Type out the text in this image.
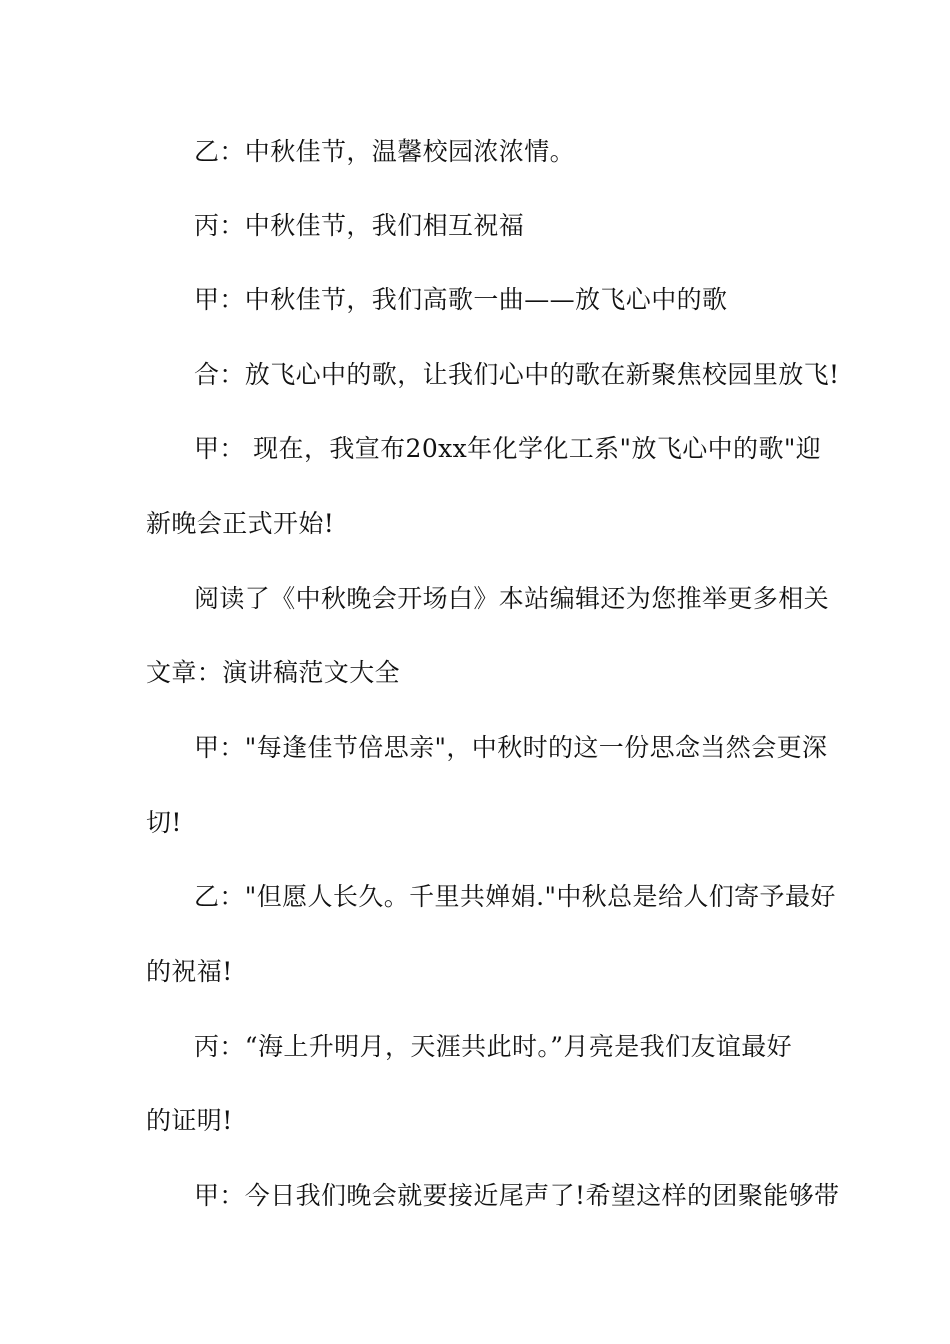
乙：中秋佳节，温馨校园浓浓情。
丙：中秋佳节，我们相互祝福
甲：中秋佳节，我们高歌一曲——放飞心中的歌
合：放飞心中的歌，让我们心中的歌在新聚焦校园里放飞!
甲： 现在，我宣布20xx年化学化工系"放飞心中的歌"迎
新晚会正式开始!
阅读了《中秋晚会开场白》本站编辑还为您推举更多相关
文章：演讲稿范文大全
甲："每逢佳节倍思亲"，中秋时的这一份思念当然会更深
切!
乙："但愿人长久。千里共婵娟."中秋总是给人们寄予最好
的祝福!
丙：“海上升明月，天涯共此时。”月亮是我们友谊最好
的证明!
甲：今日我们晚会就要接近尾声了!希望这样的团聚能够带
